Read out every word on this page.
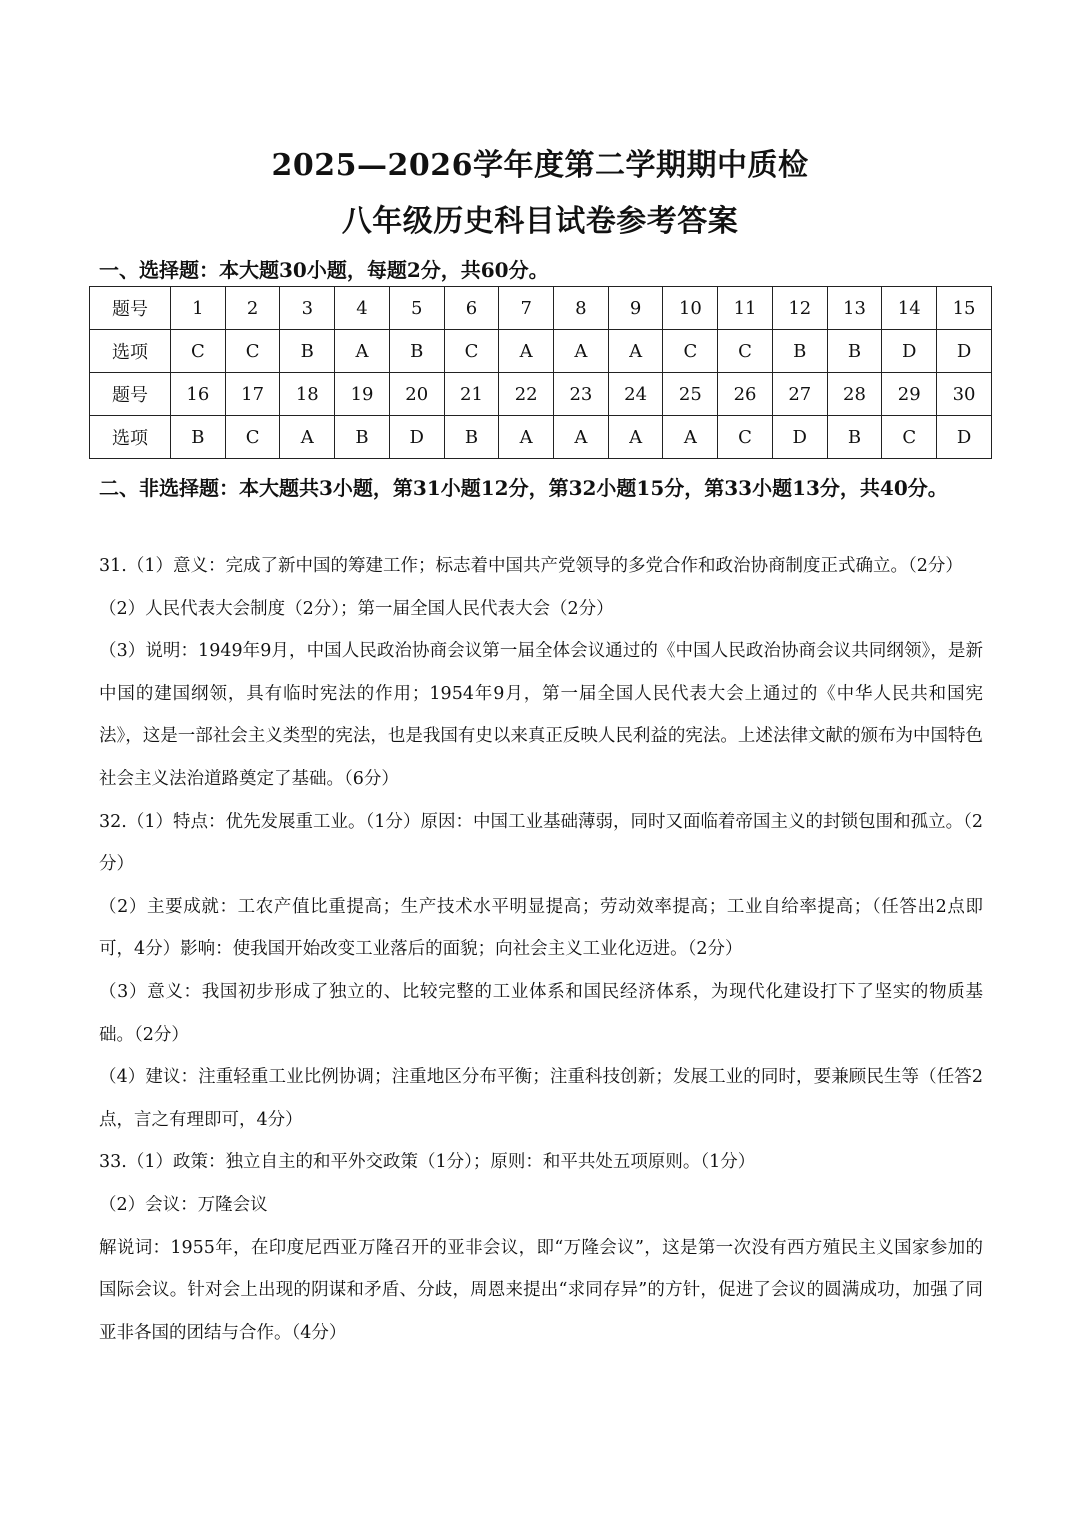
2025—2026学年度第二学期期中质检
八年级历史科目试卷参考答案
一、选择题：本大题30小题，每题2分，共60分。
题号	1	2	3	4	5	6	7	8	9	10	11	12	13	14	15
选项	C	C	B	A	B	C	A	A	A	C	C	B	B	D	D
题号	16	17	18	19	20	21	22	23	24	25	26	27	28	29	30
选项	B	C	A	B	D	B	A	A	A	A	C	D	B	C	D
二、非选择题：本大题共3小题，第31小题12分，第32小题15分，第33小题13分，共40分。

31.（1）意义：完成了新中国的筹建工作；标志着中国共产党领导的多党合作和政治协商制度正式确立。（2分）

（2）人民代表大会制度（2分）；第一届全国人民代表大会（2分）

（3）说明：1949年9月，中国人民政治协商会议第一届全体会议通过的《中国人民政治协商会议共同纲领》，是新中国的建国纲领，具有临时宪法的作用；1954年9月，第一届全国人民代表大会上通过的《中华人民共和国宪法》，这是一部社会主义类型的宪法，也是我国有史以来真正反映人民利益的宪法。上述法律文献的颁布为中国特色社会主义法治道路奠定了基础。（6分）

32.（1）特点：优先发展重工业。（1分）原因：中国工业基础薄弱，同时又面临着帝国主义的封锁包围和孤立。（2分）

（2）主要成就：工农产值比重提高；生产技术水平明显提高；劳动效率提高；工业自给率提高；（任答出2点即可，4分）影响：使我国开始改变工业落后的面貌；向社会主义工业化迈进。（2分）

（3）意义：我国初步形成了独立的、比较完整的工业体系和国民经济体系，为现代化建设打下了坚实的物质基础。（2分）

（4）建议：注重轻重工业比例协调；注重地区分布平衡；注重科技创新；发展工业的同时，要兼顾民生等（任答2点，言之有理即可，4分）

33.（1）政策：独立自主的和平外交政策（1分）；原则：和平共处五项原则。（1分）

（2）会议：万隆会议

解说词：1955年，在印度尼西亚万隆召开的亚非会议，即“万隆会议”，这是第一次没有西方殖民主义国家参加的国际会议。针对会上出现的阴谋和矛盾、分歧，周恩来提出“求同存异”的方针，促进了会议的圆满成功，加强了同亚非各国的团结与合作。（4分）
